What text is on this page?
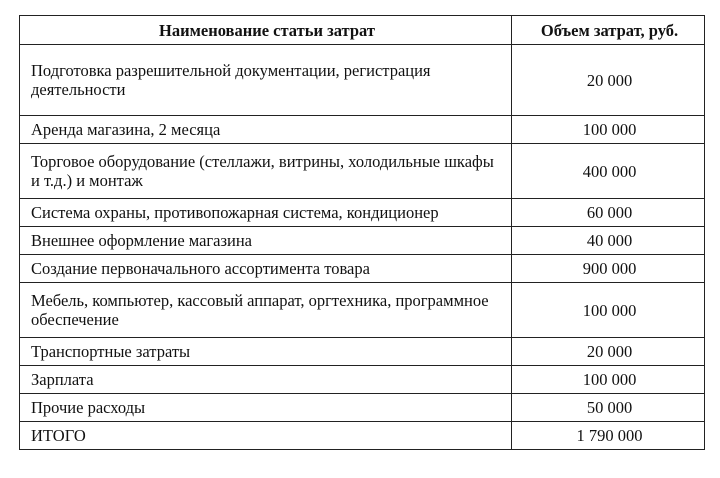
Наименование статьи затрат	Объем затрат, руб.
Подготовка разрешительной документации, регистрация деятельности	20 000
Аренда магазина, 2 месяца	100 000
Торговое оборудование (стеллажи, витрины, холодильные шкафы и т.д.) и монтаж	400 000
Система охраны, противопожарная система, кондиционер	60 000
Внешнее оформление магазина	40 000
Создание первоначального ассортимента товара	900 000
Мебель, компьютер, кассовый аппарат, оргтехника, программное обеспечение	100 000
Транспортные затраты	20 000
Зарплата	100 000
Прочие расходы	50 000
ИТОГО	1 790 000
